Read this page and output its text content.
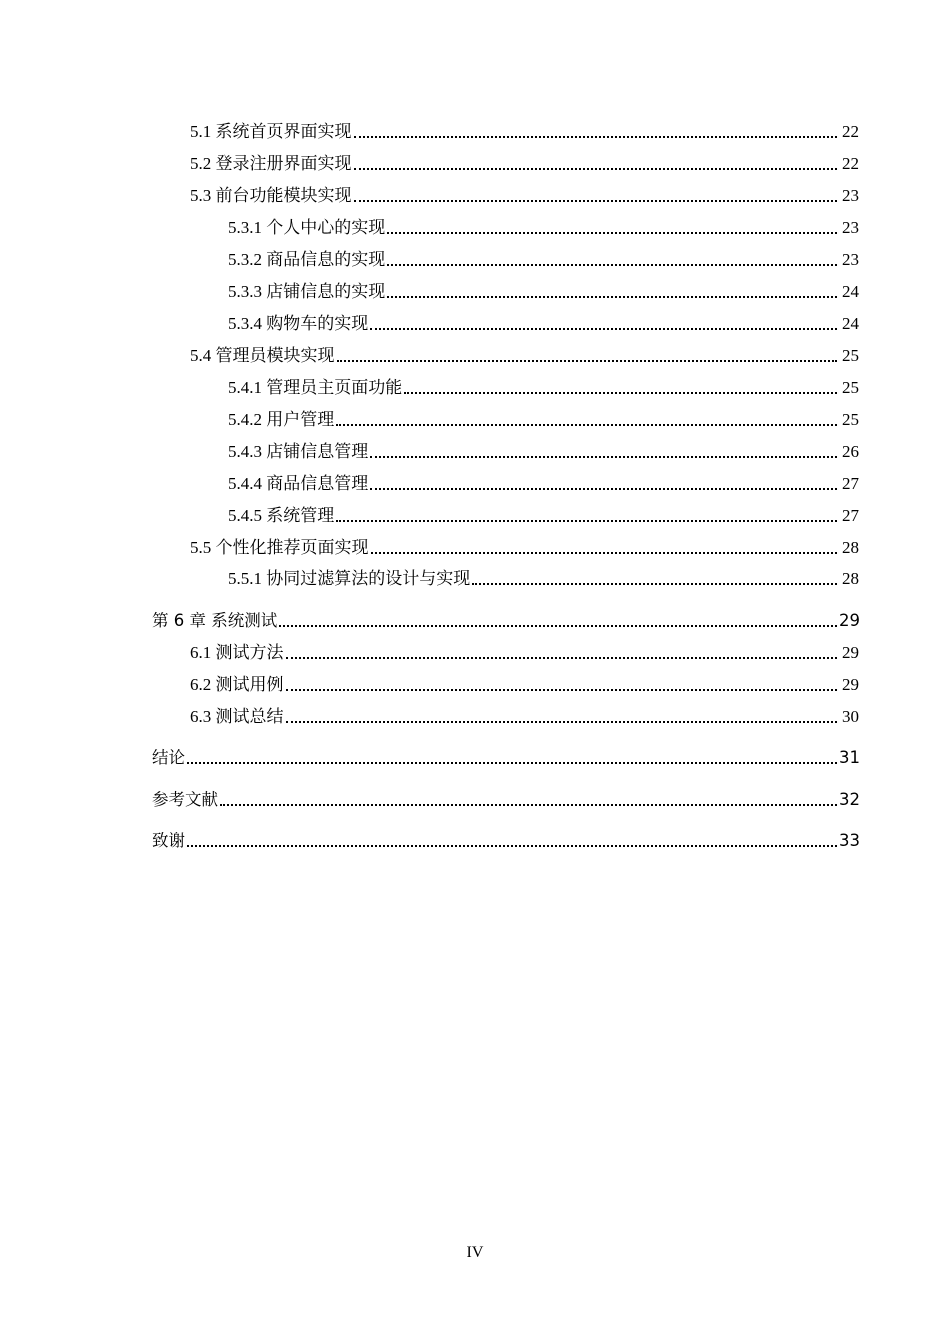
5.1 系统首页界面实现	22
5.2 登录注册界面实现	22
5.3 前台功能模块实现	23
5.3.1 个人中心的实现	23
5.3.2 商品信息的实现	23
5.3.3 店铺信息的实现	24
5.3.4 购物车的实现	24
5.4 管理员模块实现	25
5.4.1 管理员主页面功能	25
5.4.2 用户管理	25
5.4.3 店铺信息管理	26
5.4.4 商品信息管理	27
5.4.5 系统管理	27
5.5 个性化推荐页面实现	28
5.5.1 协同过滤算法的设计与实现	28
第 6 章 系统测试	29
6.1 测试方法	29
6.2 测试用例	29
6.3 测试总结	30
结论	31
参考文献	32
致谢	33
IV
